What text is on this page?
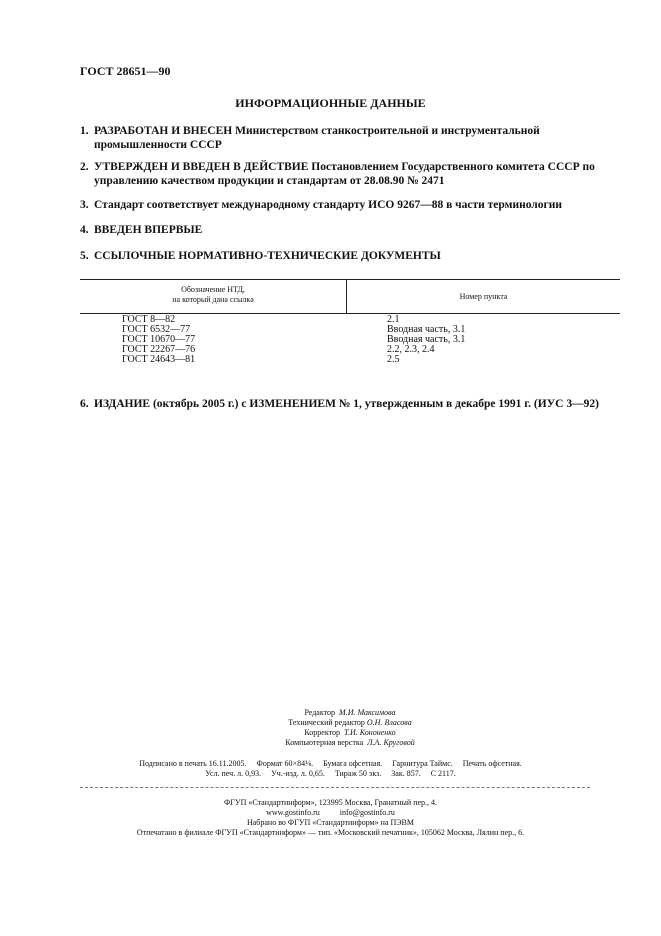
ГОСТ 28651—90
ИНФОРМАЦИОННЫЕ ДАННЫЕ
1. РАЗРАБОТАН И ВНЕСЕН Министерством станкостроительной и инструментальной промышленности СССР
2. УТВЕРЖДЕН И ВВЕДЕН В ДЕЙСТВИЕ Постановлением Государственного комитета СССР по управлению качеством продукции и стандартам от 28.08.90 № 2471
3. Стандарт соответствует международному стандарту ИСО 9267—88 в части терминологии
4. ВВЕДЕН ВПЕРВЫЕ
5. ССЫЛОЧНЫЕ НОРМАТИВНО-ТЕХНИЧЕСКИЕ ДОКУМЕНТЫ
Обозначение НТД,
на который дана ссылка	Номер пункта
ГОСТ 8—82	2.1
ГОСТ 6532—77	Вводная часть, 3.1
ГОСТ 10670—77	Вводная часть, 3.1
ГОСТ 22267—76	2.2, 2.3, 2.4
ГОСТ 24643—81	2.5
6. ИЗДАНИЕ (октябрь 2005 г.) с ИЗМЕНЕНИЕМ № 1, утвержденным в декабре 1991 г. (ИУС 3—92)
Редактор М.И. Максимова
Технический редактор О.Н. Власова
Корректор Т.И. Кононенко
Компьютерная верстка Л.А. Круговой
Подписано в печать 16.11.2005.     Формат 60×84⅛.     Бумага офсетная.     Гарнитура Таймс.     Печать офсетная.
Усл. печ. л. 0,93.     Уч.-изд. л. 0,65.     Тираж 50 экз.     Зак. 857.     С 2117.
ФГУП «Стандартинформ», 123995 Москва, Гранатный пер., 4.
www.gostinfo.ru          info@gostinfo.ru
Набрано во ФГУП «Стандартинформ» на ПЭВМ
Отпечатано в филиале ФГУП «Стандартинформ» — тип. «Московский печатник», 105062 Москва, Лялин пер., 6.
